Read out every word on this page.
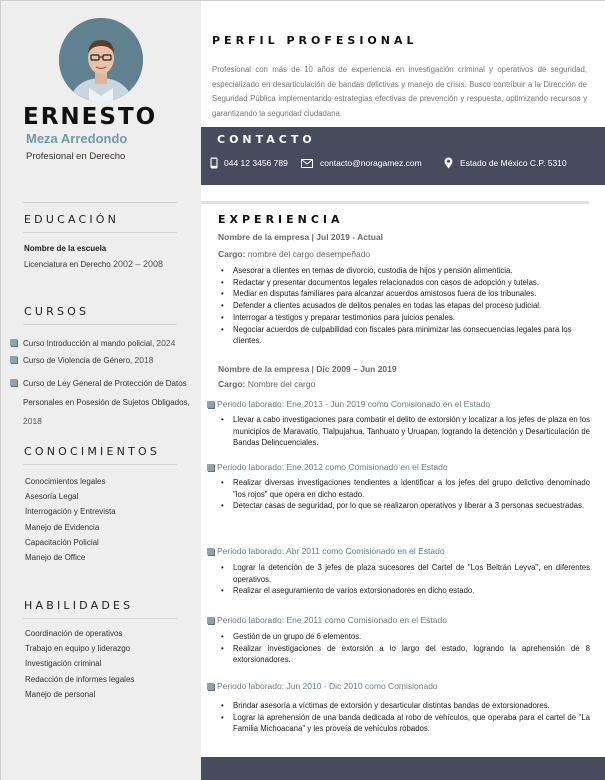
ERNESTO
Meza Arredondo
Profesional en Derecho
EDUCACIÓN
Nombre de la escuela
Licenciatura en Derecho 2002 – 2008
CURSOS
Curso Introducción al mando policial, 2024
Curso de Violencia de Género, 2018
Curso de Ley General de Protección de Datos Personales en Posesión de Sujetos Obligados, 2018
CONOCIMIENTOS
Conocimientos legales
Asesoría Legal
Interrogación y Entrevista
Manejo de Evidencia
Capacitación Policial
Manejo de Office
HABILIDADES
Coordinación de operativos
Trabajo en equipo y liderazgo
Investigación criminal
Redacción de informes legales
Manejo de personal
PERFIL PROFESIONAL
Profesional con más de 10 años de experiencia en investigación criminal y operativos de seguridad, especializado en desarticulación de bandas delictivas y manejo de crisis. Busco contribuir a la Dirección de Seguridad Pública implementando estrategias efectivas de prevención y respuesta, optimizando recursos y garantizando la seguridad ciudadana.
CONTACTO
044 12 3456 789	contacto@noragamez.com	Estado de México C.P. 5310
EXPERIENCIA
Nombre de la empresa | Jul 2019 - Actual
Cargo: nombre del cargo desempeñado
• Asesorar a clientes en temas de divorcio, custodia de hijos y pensión alimenticia.
• Redactar y presentar documentos legales relacionados con casos de adopción y tutelas.
• Mediar en disputas familiares para alcanzar acuerdos amistosos fuera de los tribunales.
• Defender a clientes acusados de delitos penales en todas las etapas del proceso judicial.
• Interrogar a testigos y preparar testimonios para juicios penales.
• Negociar acuerdos de culpabilidad con fiscales para minimizar las consecuencias legales para los clientes.
Nombre de la empresa | Dic 2009 – Jun 2019
Cargo: Nombre del cargo
Periodo laborado: Ene 2013 - Jun 2019 como Comisionado en el Estado
• Llevar a cabo investigaciones para combatir el delito de extorsión y localizar a los jefes de plaza en los municipios de Maravatío, Tlalpujahua, Tanhuato y Uruapan, logrando la detención y Desarticulación de Bandas Delincuenciales.
Periodo laborado: Ene 2012 como Comisionado en el Estado
• Realizar diversas investigaciones tendientes a identificar a los jefes del grupo delictivo denominado "los rojos" que opera en dicho estado.
• Detectar casas de seguridad, por lo que se realizaron operativos y liberar a 3 personas secuestradas.
Periodo laborado: Abr 2011 como Comisionado en el Estado
• Lograr la detención de 3 jefes de plaza sucesores del Cartel de "Los Beltrán Leyva", en diferentes operativos.
• Realizar el aseguramiento de varios extorsionadores en dicho estado.
Periodo laborado: Ene 2011 como Comisionado en el Estado
• Gestión de un grupo de 6 elementos.
• Realizar investigaciones de extorsión a lo largo del estado, logrando la aprehensión de 8 extorsionadores.
Periodo laborado: Jun 2010 - Dic 2010 como Comisionado
• Brindar asesoría a víctimas de extorsión y desarticular distintas bandas de extorsionadores.
• Lograr la aprehensión de una banda dedicada al robo de vehículos, que operaba para el cartel de "La Familia Michoacana" y les proveía de vehículos robados.
